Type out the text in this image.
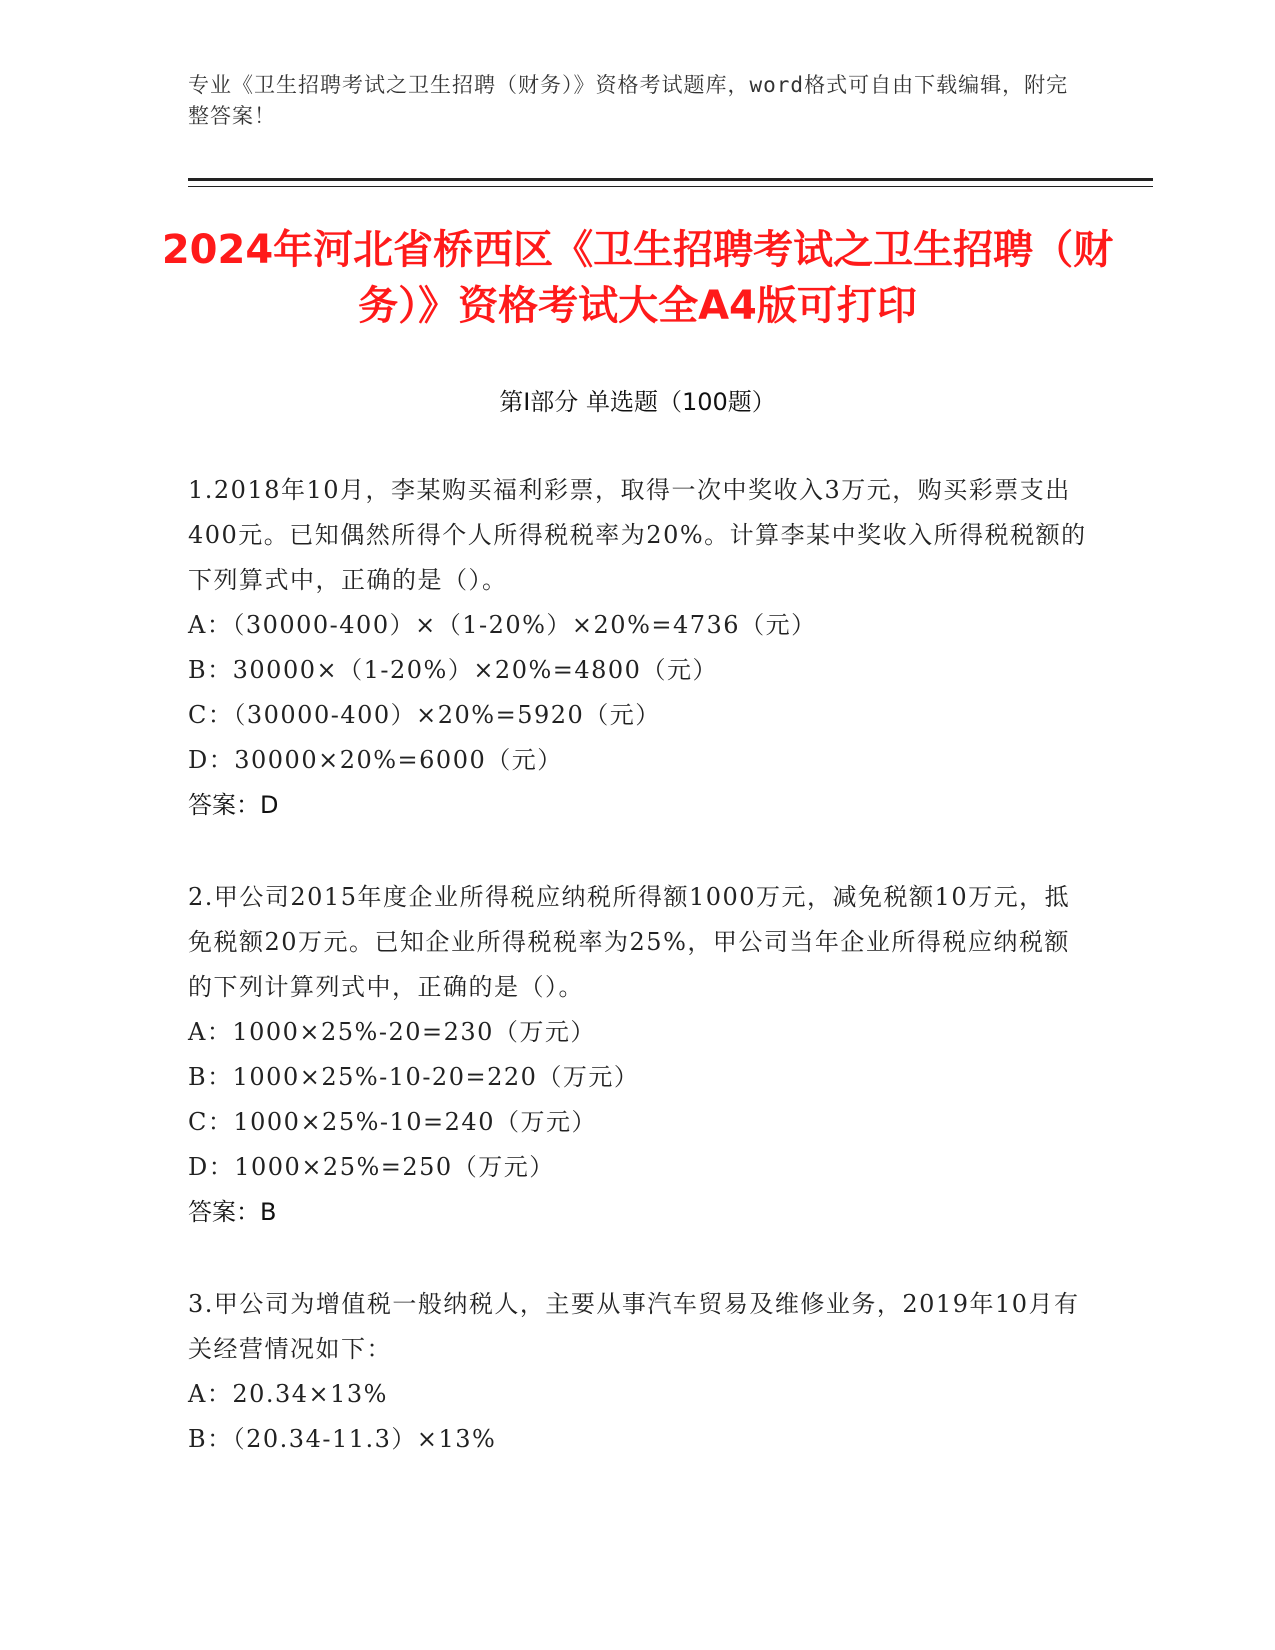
专业《卫生招聘考试之卫生招聘（财务）》资格考试题库，word格式可自由下载编辑，附完整答案！
2024年河北省桥西区《卫生招聘考试之卫生招聘（财务）》资格考试大全A4版可打印
第Ⅰ部分 单选题（100题）
1.2018年10月，李某购买福利彩票，取得一次中奖收入3万元，购买彩票支出400元。已知偶然所得个人所得税税率为20%。计算李某中奖收入所得税税额的下列算式中，正确的是（）。
A：（30000-400）×（1-20%）×20%=4736（元）
B：30000×（1-20%）×20%=4800（元）
C：（30000-400）×20%=5920（元）
D：30000×20%=6000（元）
答案：D
2.甲公司2015年度企业所得税应纳税所得额1000万元，减免税额10万元，抵免税额20万元。已知企业所得税税率为25%，甲公司当年企业所得税应纳税额的下列计算列式中，正确的是（）。
A：1000×25%-20=230（万元）
B：1000×25%-10-20=220（万元）
C：1000×25%-10=240（万元）
D：1000×25%=250（万元）
答案：B
3.甲公司为增值税一般纳税人，主要从事汽车贸易及维修业务，2019年10月有关经营情况如下：
A：20.34×13%
B：（20.34-11.3）×13%
